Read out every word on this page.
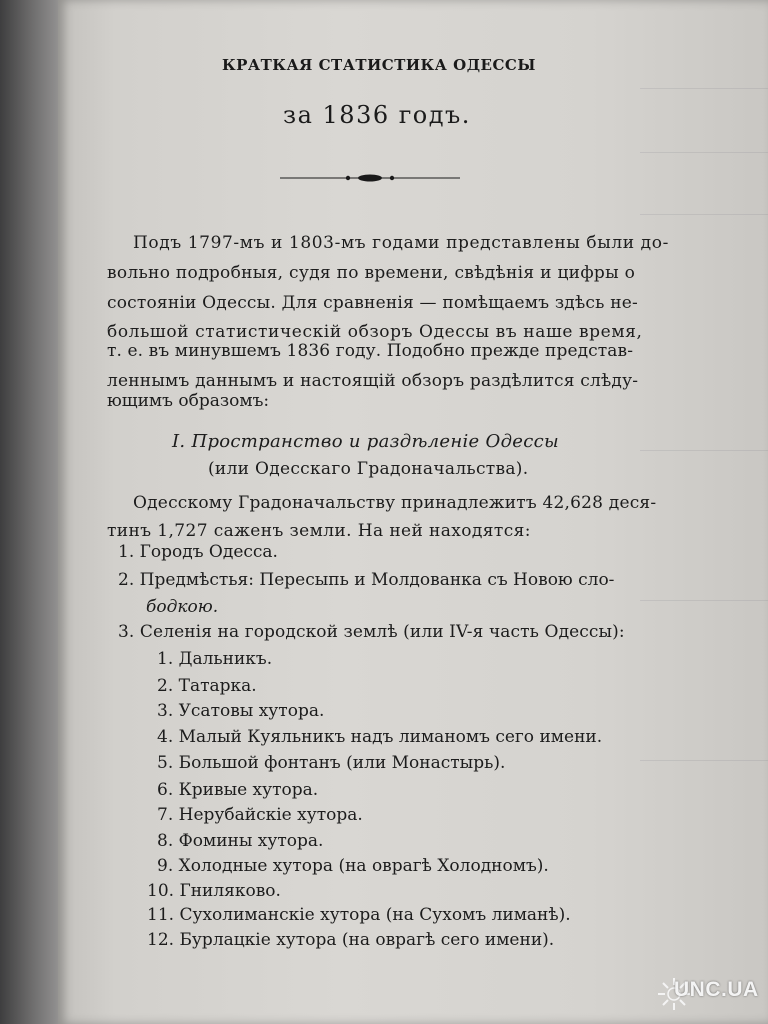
КРАТКАЯ СТАТИСТИКА ОДЕССЫ
за 1836 годъ.
Подъ 1797-мъ и 1803-мъ годами представлены были до-
вольно подробныя, судя по времени, свѣдѣнія и цифры о
состояніи Одессы. Для сравненія — помѣщаемъ здѣсь не-
большой статистическій обзоръ Одессы въ наше время,
т. е. въ минувшемъ 1836 году. Подобно прежде представ-
леннымъ даннымъ и настоящій обзоръ раздѣлится слѣду-
ющимъ образомъ:
I. Пространство и раздѣленіе Одессы
(или Одесскаго Градоначальства).
Одесскому Градоначальству принадлежитъ 42,628 деся-
тинъ 1,727 саженъ земли. На ней находятся:
1. Городъ Одесса.
2. Предмѣстья: Пересыпь и Молдованка съ Новою сло-
бодкою.
3. Селенія на городской землѣ (или IV-я часть Одессы):
1. Дальникъ.
2. Татарка.
3. Усатовы хутора.
4. Малый Куяльникъ надъ лиманомъ сего имени.
5. Большой фонтанъ (или Монастырь).
6. Кривые хутора.
7. Нерубайскіе хутора.
8. Фомины хутора.
9. Холодные хутора (на оврагѣ Холодномъ).
10. Гниляково.
11. Сухолиманскіе хутора (на Сухомъ лиманѣ).
12. Бурлацкіе хутора (на оврагѣ сего имени).
UNC.UA
